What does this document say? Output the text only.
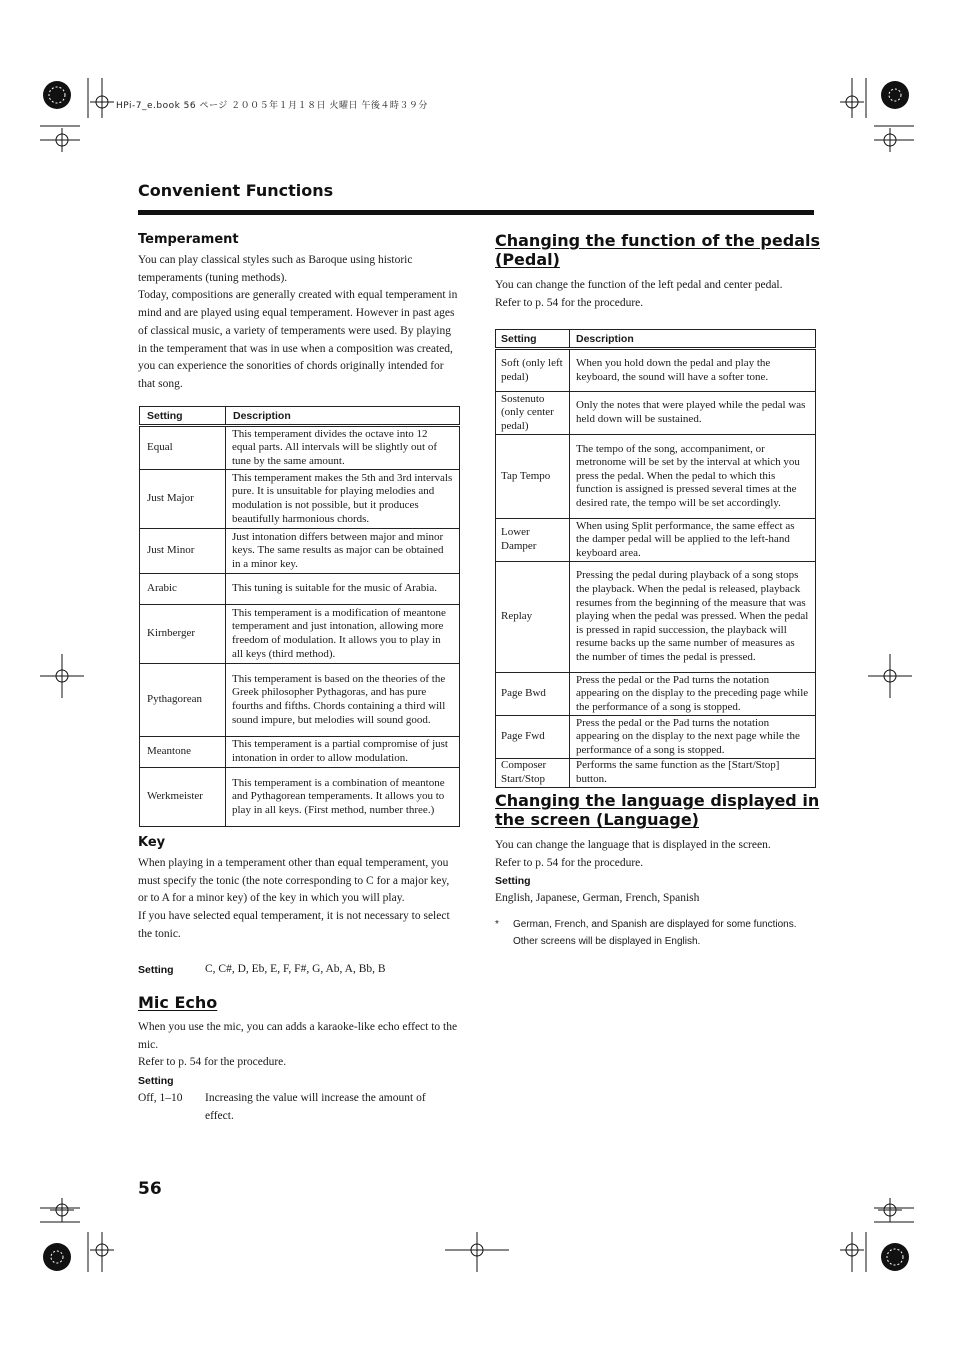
HPi-7_e.book 56 ページ ２００５年１月１８日 火曜日 午後４時３９分
Convenient Functions
Temperament

You can play classical styles such as Baroque using historic temperaments (tuning methods).

Today, compositions are generally created with equal temperament in mind and are played using equal temperament. However in past ages of classical music, a variety of temperaments were used. By playing in the temperament that was in use when a composition was created, you can experience the sonorities of chords originally intended for that song.

Setting	Description
Equal	This temperament divides the octave into 12 equal parts. All intervals will be slightly out of tune by the same amount.
Just Major	This temperament makes the 5th and 3rd intervals pure. It is unsuitable for playing melodies and modulation is not possible, but it produces beautifully harmonious chords.
Just Minor	Just intonation differs between major and minor keys. The same results as major can be obtained in a minor key.
Arabic	This tuning is suitable for the music of Arabia.
Kirnberger	This temperament is a modification of meantone temperament and just intonation, allowing more freedom of modulation. It allows you to play in all keys (third method).
Pythagorean	This temperament is based on the theories of the Greek philosopher Pythagoras, and has pure fourths and fifths. Chords containing a third will sound impure, but melodies will sound good.
Meantone	This temperament is a partial compromise of just intonation in order to allow modulation.
Werkmeister	This temperament is a combination of meantone and Pythagorean temperaments. It allows you to play in all keys. (First method, number three.)
Key

When playing in a temperament other than equal temperament, you must specify the tonic (the note corresponding to C for a major key, or to A for a minor key) of the key in which you will play.

If you have selected equal temperament, it is not necessary to select the tonic.

Setting	C, C#, D, Eb, E, F, F#, G, Ab, A, Bb, B
Mic Echo

When you use the mic, you can adds a karaoke-like echo effect to the mic.

Refer to p. 54 for the procedure.

Setting
Off, 1–10 Increasing the value will increase the amount of effect.
Changing the function of the pedals
(Pedal)

You can change the function of the left pedal and center pedal.

Refer to p. 54 for the procedure.

Setting	Description
Soft (only left pedal)	When you hold down the pedal and play the keyboard, the sound will have a softer tone.
Sostenuto (only center pedal)	Only the notes that were played while the pedal was held down will be sustained.
Tap Tempo	The tempo of the song, accompaniment, or metronome will be set by the interval at which you press the pedal. When the pedal to which this function is assigned is pressed several times at the desired rate, the tempo will be set accordingly.
Lower Damper	When using Split performance, the same effect as the damper pedal will be applied to the left-hand keyboard area.
Replay	Pressing the pedal during playback of a song stops the playback. When the pedal is released, playback resumes from the beginning of the measure that was playing when the pedal was pressed. When the pedal is pressed in rapid succession, the playback will resume backs up the same number of measures as the number of times the pedal is pressed.
Page Bwd	Press the pedal or the Pad turns the notation appearing on the display to the preceding page while the performance of a song is stopped.
Page Fwd	Press the pedal or the Pad turns the notation appearing on the display to the next page while the performance of a song is stopped.
Composer Start/Stop	Performs the same function as the [Start/Stop] button.
Changing the language displayed in
the screen (Language)

You can change the language that is displayed in the screen.

Refer to p. 54 for the procedure.

Setting
English, Japanese, German, French, Spanish
* German, French, and Spanish are displayed for some functions. Other screens will be displayed in English.
56
